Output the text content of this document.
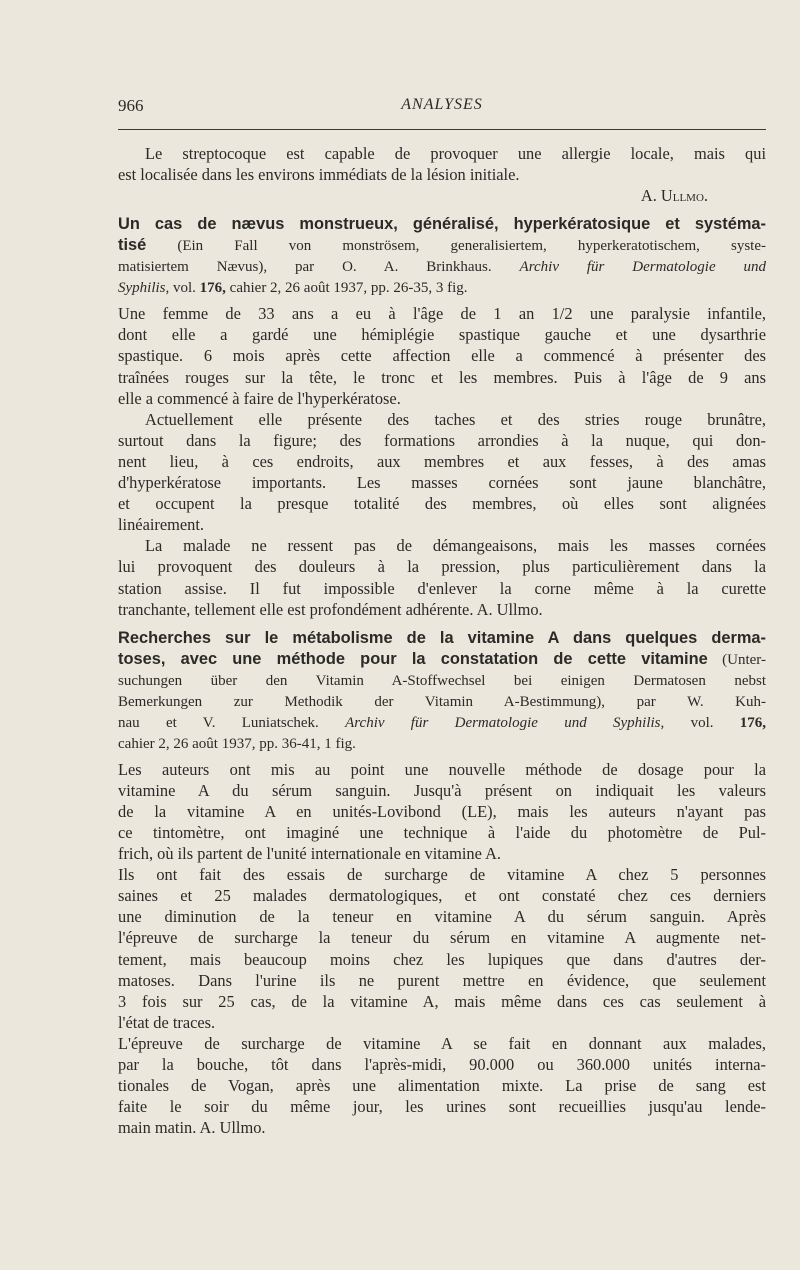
966	ANALYSES

Le streptocoque est capable de provoquer une allergie locale, mais qui
est localisée dans les environs immédiats de la lésion initiale.
A. Ullmo.

Un cas de nævus monstrueux, généralisé, hyperkératosique et systéma-
tisé (Ein Fall von monströsem, generalisiertem, hyperkeratotischem, syste-
matisiertem Nævus), par O. A. Brinkhaus. Archiv für Dermatologie und
Syphilis, vol. 176, cahier 2, 26 août 1937, pp. 26-35, 3 fig.

Une femme de 33 ans a eu à l'âge de 1 an 1/2 une paralysie infantile,
dont elle a gardé une hémiplégie spastique gauche et une dysarthrie
spastique. 6 mois après cette affection elle a commencé à présenter des
traînées rouges sur la tête, le tronc et les membres. Puis à l'âge de 9 ans
elle a commencé à faire de l'hyperkératose.

Actuellement elle présente des taches et des stries rouge brunâtre,
surtout dans la figure; des formations arrondies à la nuque, qui don-
nent lieu, à ces endroits, aux membres et aux fesses, à des amas
d'hyperkératose importants. Les masses cornées sont jaune blanchâtre,
et occupent la presque totalité des membres, où elles sont alignées
linéairement.

La malade ne ressent pas de démangeaisons, mais les masses cornées
lui provoquent des douleurs à la pression, plus particulièrement dans la
station assise. Il fut impossible d'enlever la corne même à la curette
tranchante, tellement elle est profondément adhérente. A. Ullmo.

Recherches sur le métabolisme de la vitamine A dans quelques derma-
toses, avec une méthode pour la constatation de cette vitamine (Unter-
suchungen über den Vitamin A-Stoffwechsel bei einigen Dermatosen nebst
Bemerkungen zur Methodik der Vitamin A-Bestimmung), par W. Kuh-
nau et V. Luniatschek. Archiv für Dermatologie und Syphilis, vol. 176,
cahier 2, 26 août 1937, pp. 36-41, 1 fig.

Les auteurs ont mis au point une nouvelle méthode de dosage pour la
vitamine A du sérum sanguin. Jusqu'à présent on indiquait les valeurs
de la vitamine A en unités-Lovibond (LE), mais les auteurs n'ayant pas
ce tintomètre, ont imaginé une technique à l'aide du photomètre de Pul-
frich, où ils partent de l'unité internationale en vitamine A.

Ils ont fait des essais de surcharge de vitamine A chez 5 personnes
saines et 25 malades dermatologiques, et ont constaté chez ces derniers
une diminution de la teneur en vitamine A du sérum sanguin. Après
l'épreuve de surcharge la teneur du sérum en vitamine A augmente net-
tement, mais beaucoup moins chez les lupiques que dans d'autres der-
matoses. Dans l'urine ils ne purent mettre en évidence, que seulement
3 fois sur 25 cas, de la vitamine A, mais même dans ces cas seulement à
l'état de traces.

L'épreuve de surcharge de vitamine A se fait en donnant aux malades,
par la bouche, tôt dans l'après-midi, 90.000 ou 360.000 unités interna-
tionales de Vogan, après une alimentation mixte. La prise de sang est
faite le soir du même jour, les urines sont recueillies jusqu'au lende-
main matin. A. Ullmo.
